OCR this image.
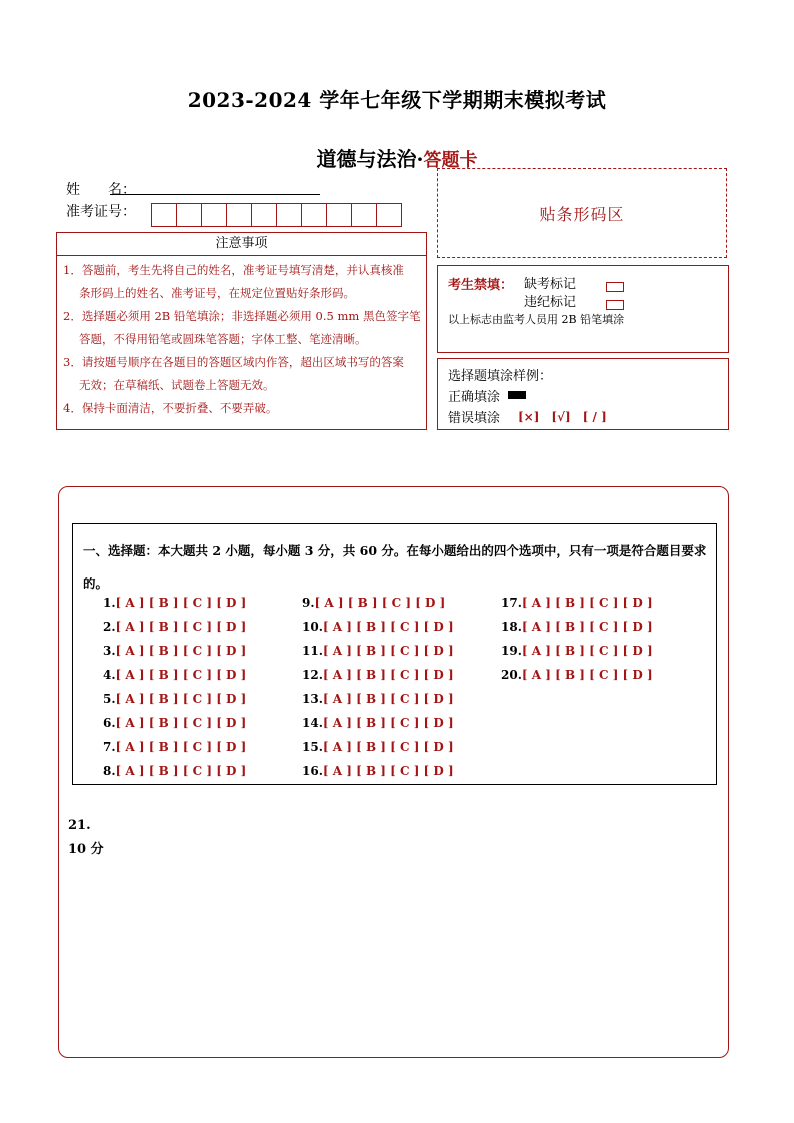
2023-2024 学年七年级下学期期末模拟考试
道德与法治·答题卡
姓　　名：
准考证号：	贴条形码区
注意事项
1．答题前，考生先将自己的姓名，准考证号填写清楚，并认真核准
条形码上的姓名、准考证号，在规定位置贴好条形码。
2．选择题必须用 2B 铅笔填涂；非选择题必须用 0.5 mm 黑色签字笔
答题，不得用铅笔或圆珠笔答题；字体工整、笔迹清晰。
3．请按题号顺序在各题目的答题区域内作答，超出区域书写的答案
无效；在草稿纸、试题卷上答题无效。
4．保持卡面清洁，不要折叠、不要弄破。
考生禁填： 缺考标记
违纪标记
以上标志由监考人员用 2B 铅笔填涂
选择题填涂样例：
正确填涂
错误填涂 [×]　[√]　[ / ]
一、选择题：本大题共 2 小题，每小题 3 分，共 60 分。在每小题给出的四个选项中，只有一项是符合题目要求的。
1.[ A ] [ B ] [ C ] [ D ]
2.[ A ] [ B ] [ C ] [ D ]
3.[ A ] [ B ] [ C ] [ D ]
4.[ A ] [ B ] [ C ] [ D ]
5.[ A ] [ B ] [ C ] [ D ]
6.[ A ] [ B ] [ C ] [ D ]
7.[ A ] [ B ] [ C ] [ D ]
8.[ A ] [ B ] [ C ] [ D ]
9.[ A ] [ B ] [ C ] [ D ]
10.[ A ] [ B ] [ C ] [ D ]
11.[ A ] [ B ] [ C ] [ D ]
12.[ A ] [ B ] [ C ] [ D ]
13.[ A ] [ B ] [ C ] [ D ]
14.[ A ] [ B ] [ C ] [ D ]
15.[ A ] [ B ] [ C ] [ D ]
16.[ A ] [ B ] [ C ] [ D ]
17.[ A ] [ B ] [ C ] [ D ]
18.[ A ] [ B ] [ C ] [ D ]
19.[ A ] [ B ] [ C ] [ D ]
20.[ A ] [ B ] [ C ] [ D ]
21.
10 分
